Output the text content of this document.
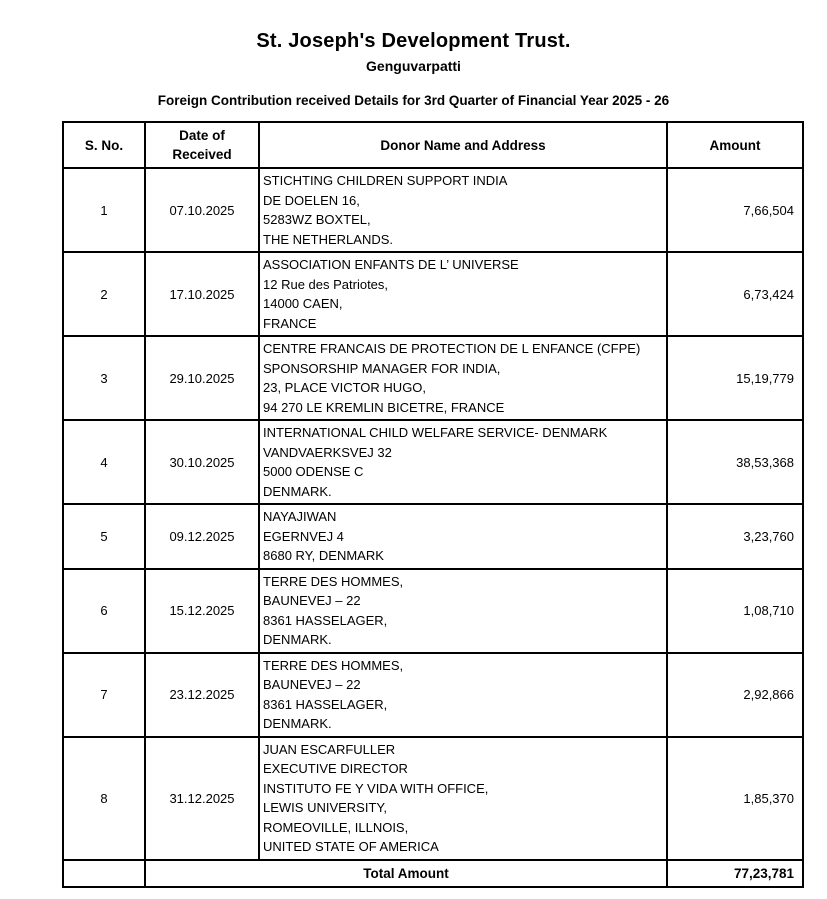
St. Joseph's Development Trust.
Genguvarpatti
Foreign Contribution received Details for 3rd Quarter of Financial Year 2025 - 26
S. No.	Date of Received	Donor Name and Address	Amount
1	07.10.2025	STICHTING CHILDREN SUPPORT INDIA
DE DOELEN 16,
5283WZ BOXTEL,
THE NETHERLANDS.	7,66,504
2	17.10.2025	ASSOCIATION ENFANTS DE L’ UNIVERSE
12 Rue des Patriotes,
14000 CAEN,
FRANCE	6,73,424
3	29.10.2025	CENTRE FRANCAIS DE PROTECTION DE L ENFANCE (CFPE)
SPONSORSHIP MANAGER FOR INDIA,
23, PLACE VICTOR HUGO,
94 270 LE KREMLIN BICETRE, FRANCE	15,19,779
4	30.10.2025	INTERNATIONAL CHILD WELFARE SERVICE- DENMARK
VANDVAERKSVEJ 32
5000 ODENSE C
DENMARK.	38,53,368
5	09.12.2025	NAYAJIWAN
EGERNVEJ 4
8680 RY, DENMARK	3,23,760
6	15.12.2025	TERRE DES HOMMES,
BAUNEVEJ – 22
8361 HASSELAGER,
DENMARK.	1,08,710
7	23.12.2025	TERRE DES HOMMES,
BAUNEVEJ – 22
8361 HASSELAGER,
DENMARK.	2,92,866
8	31.12.2025	
JUAN ESCARFULLER
EXECUTIVE DIRECTOR
INSTITUTO FE Y VIDA WITH OFFICE,
LEWIS UNIVERSITY,
ROMEOVILLE, ILLNOIS,
UNITED STATE OF AMERICA
	1,85,370
	Total Amount		77,23,781
